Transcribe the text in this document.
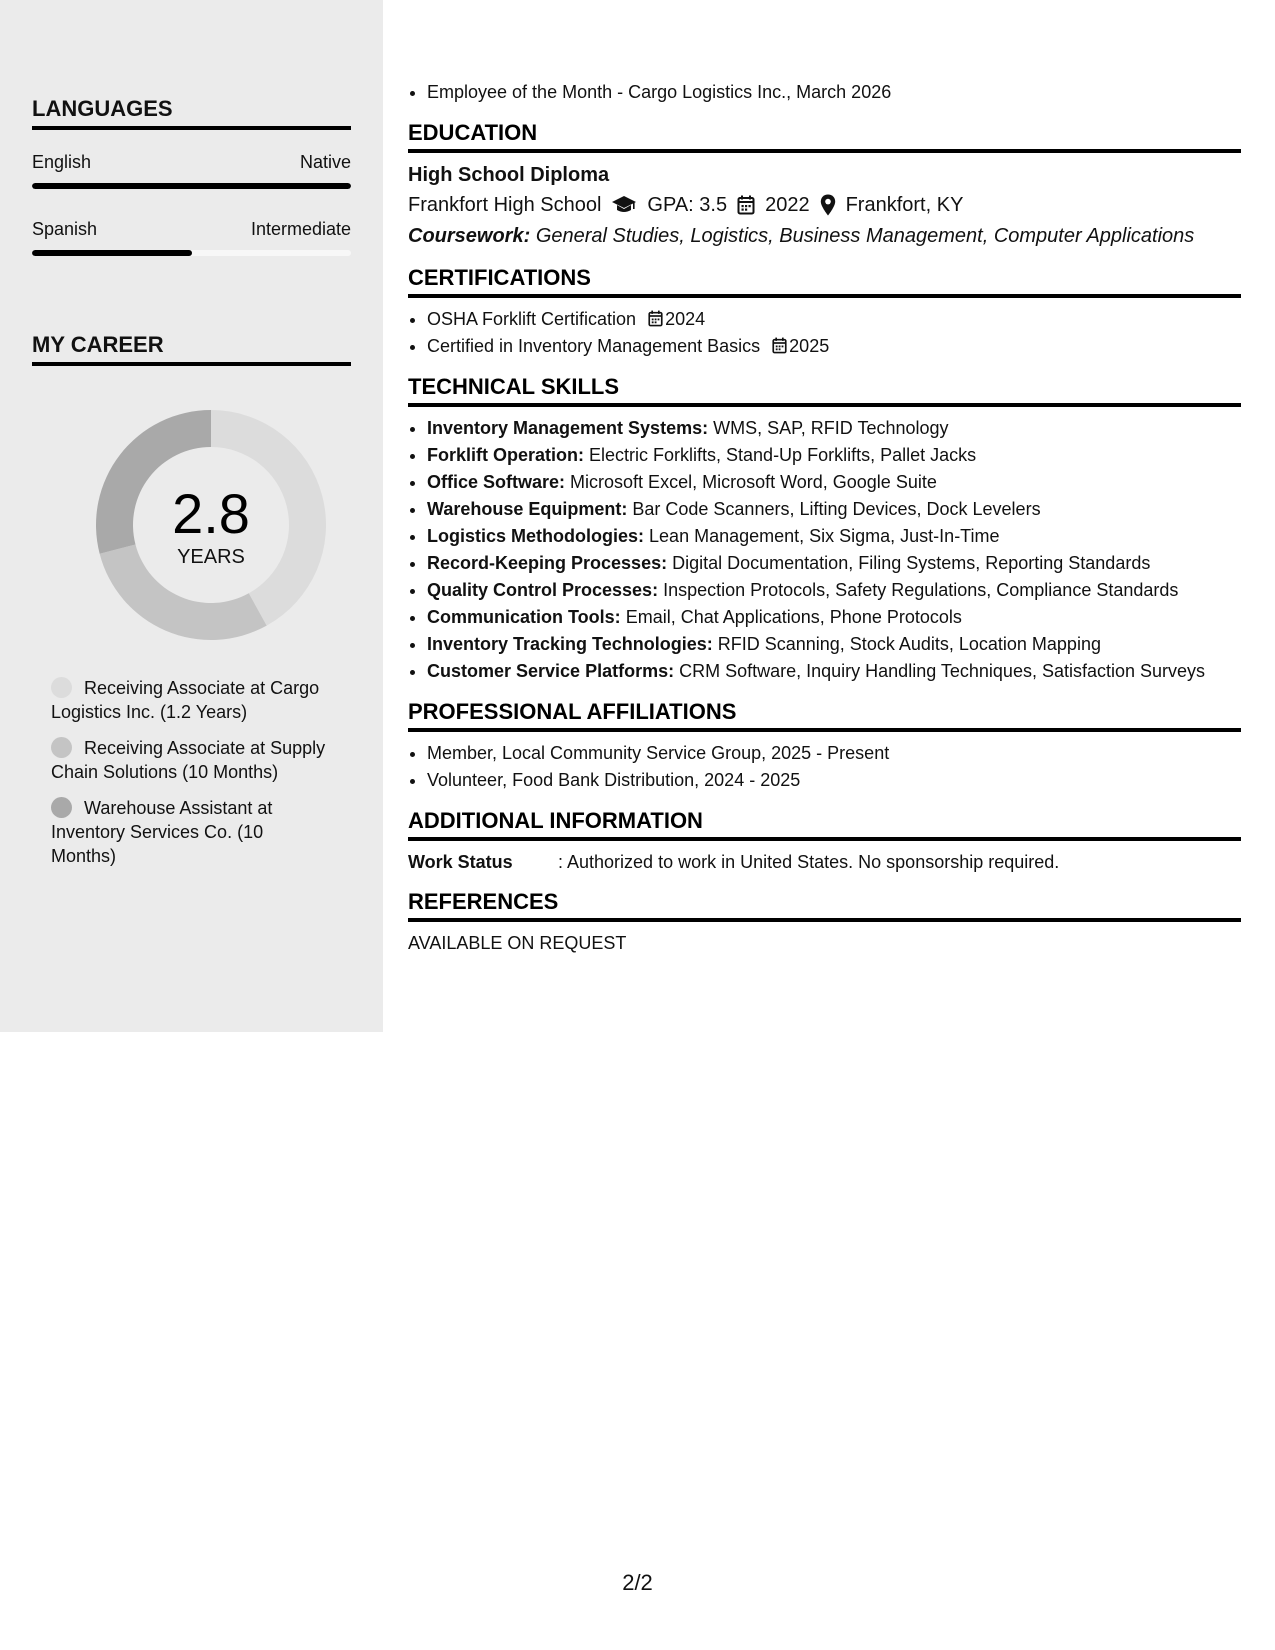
LANGUAGES
English	Native
Spanish	Intermediate
MY CAREER
2.8
YEARS
Receiving Associate at Cargo Logistics Inc. (1.2 Years)
Receiving Associate at Supply Chain Solutions (10 Months)
Warehouse Assistant at Inventory Services Co. (10 Months)
• Employee of the Month - Cargo Logistics Inc., March 2026
EDUCATION
High School Diploma
Frankfort High School GPA: 3.5 2022 Frankfort, KY
Coursework: General Studies, Logistics, Business Management, Computer Applications
CERTIFICATIONS
• OSHA Forklift Certification 2024
• Certified in Inventory Management Basics 2025
TECHNICAL SKILLS
• Inventory Management Systems: WMS, SAP, RFID Technology
• Forklift Operation: Electric Forklifts, Stand-Up Forklifts, Pallet Jacks
• Office Software: Microsoft Excel, Microsoft Word, Google Suite
• Warehouse Equipment: Bar Code Scanners, Lifting Devices, Dock Levelers
• Logistics Methodologies: Lean Management, Six Sigma, Just-In-Time
• Record-Keeping Processes: Digital Documentation, Filing Systems, Reporting Standards
• Quality Control Processes: Inspection Protocols, Safety Regulations, Compliance Standards
• Communication Tools: Email, Chat Applications, Phone Protocols
• Inventory Tracking Technologies: RFID Scanning, Stock Audits, Location Mapping
• Customer Service Platforms: CRM Software, Inquiry Handling Techniques, Satisfaction Surveys
PROFESSIONAL AFFILIATIONS
• Member, Local Community Service Group, 2025 - Present
• Volunteer, Food Bank Distribution, 2024 - 2025
ADDITIONAL INFORMATION
Work Status	: Authorized to work in United States. No sponsorship required.
REFERENCES
AVAILABLE ON REQUEST
2/2
